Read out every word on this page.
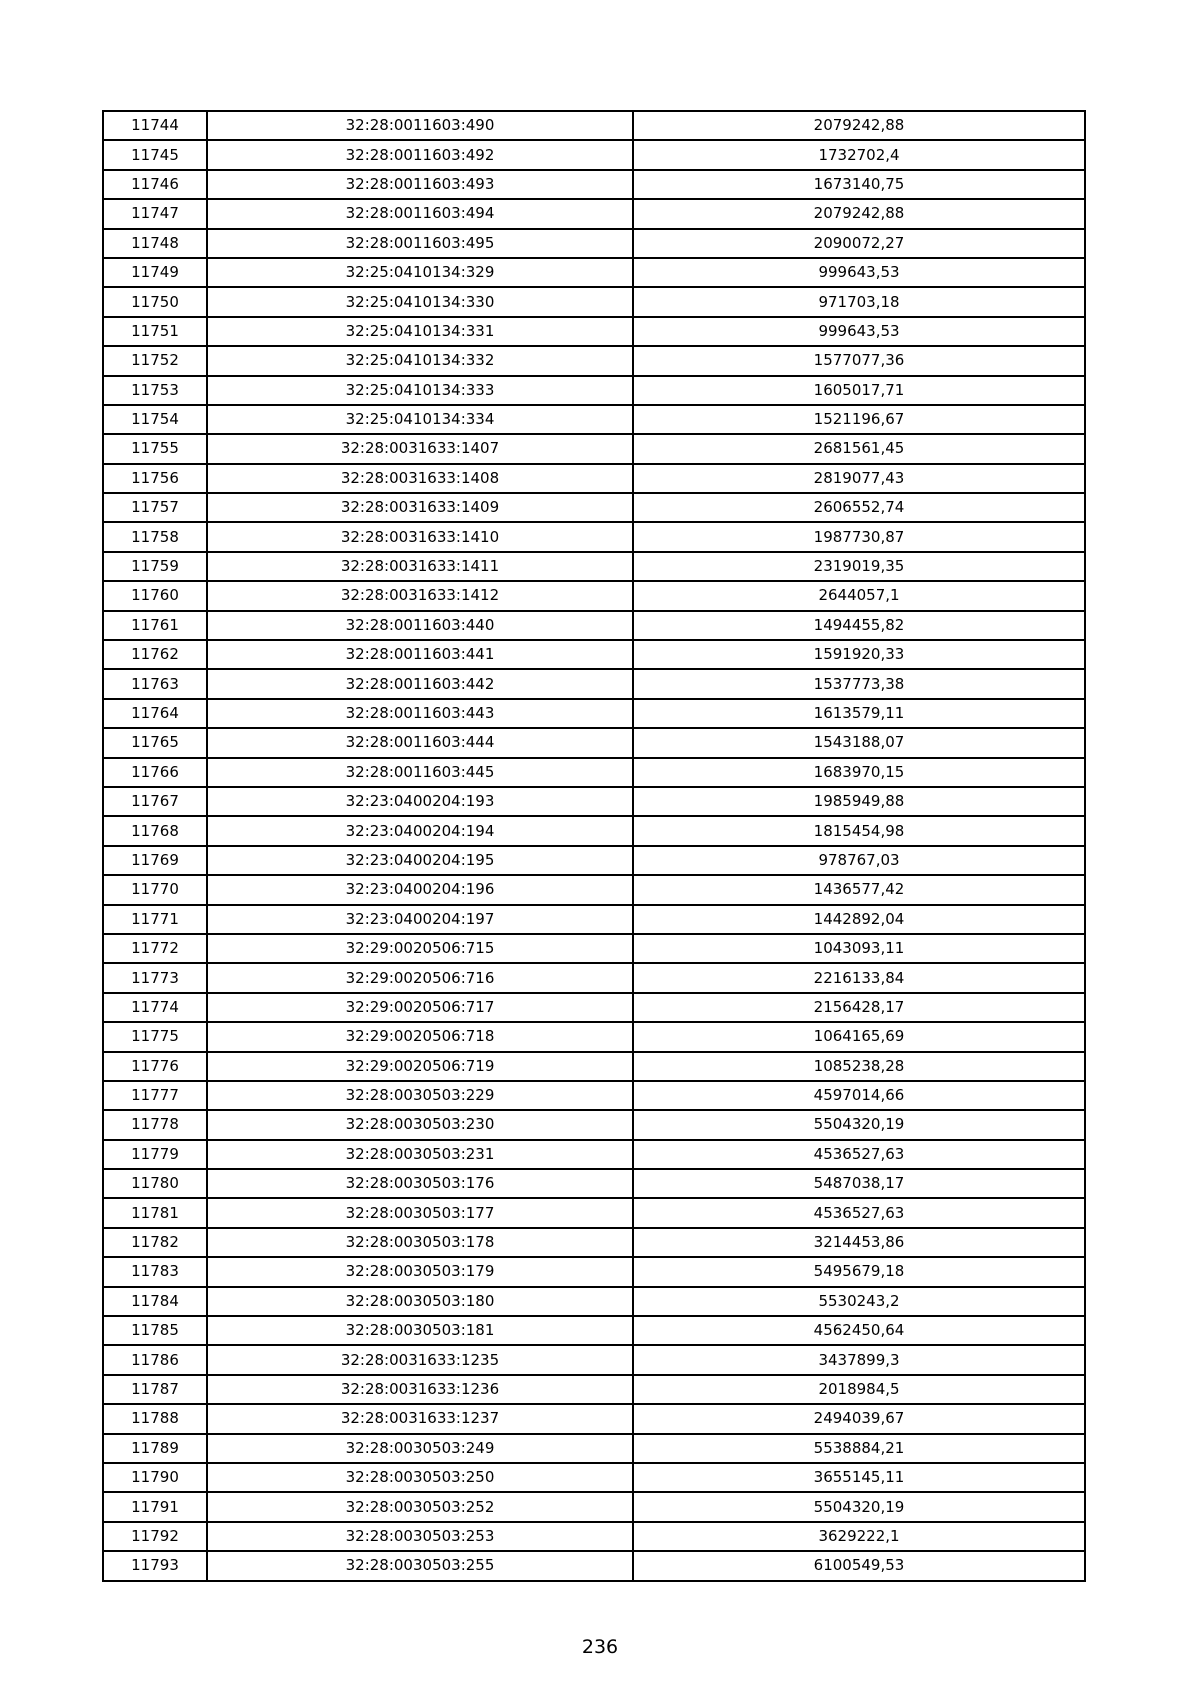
11744	32:28:0011603:490	2079242,88
11745	32:28:0011603:492	1732702,4
11746	32:28:0011603:493	1673140,75
11747	32:28:0011603:494	2079242,88
11748	32:28:0011603:495	2090072,27
11749	32:25:0410134:329	999643,53
11750	32:25:0410134:330	971703,18
11751	32:25:0410134:331	999643,53
11752	32:25:0410134:332	1577077,36
11753	32:25:0410134:333	1605017,71
11754	32:25:0410134:334	1521196,67
11755	32:28:0031633:1407	2681561,45
11756	32:28:0031633:1408	2819077,43
11757	32:28:0031633:1409	2606552,74
11758	32:28:0031633:1410	1987730,87
11759	32:28:0031633:1411	2319019,35
11760	32:28:0031633:1412	2644057,1
11761	32:28:0011603:440	1494455,82
11762	32:28:0011603:441	1591920,33
11763	32:28:0011603:442	1537773,38
11764	32:28:0011603:443	1613579,11
11765	32:28:0011603:444	1543188,07
11766	32:28:0011603:445	1683970,15
11767	32:23:0400204:193	1985949,88
11768	32:23:0400204:194	1815454,98
11769	32:23:0400204:195	978767,03
11770	32:23:0400204:196	1436577,42
11771	32:23:0400204:197	1442892,04
11772	32:29:0020506:715	1043093,11
11773	32:29:0020506:716	2216133,84
11774	32:29:0020506:717	2156428,17
11775	32:29:0020506:718	1064165,69
11776	32:29:0020506:719	1085238,28
11777	32:28:0030503:229	4597014,66
11778	32:28:0030503:230	5504320,19
11779	32:28:0030503:231	4536527,63
11780	32:28:0030503:176	5487038,17
11781	32:28:0030503:177	4536527,63
11782	32:28:0030503:178	3214453,86
11783	32:28:0030503:179	5495679,18
11784	32:28:0030503:180	5530243,2
11785	32:28:0030503:181	4562450,64
11786	32:28:0031633:1235	3437899,3
11787	32:28:0031633:1236	2018984,5
11788	32:28:0031633:1237	2494039,67
11789	32:28:0030503:249	5538884,21
11790	32:28:0030503:250	3655145,11
11791	32:28:0030503:252	5504320,19
11792	32:28:0030503:253	3629222,1
11793	32:28:0030503:255	6100549,53
236
